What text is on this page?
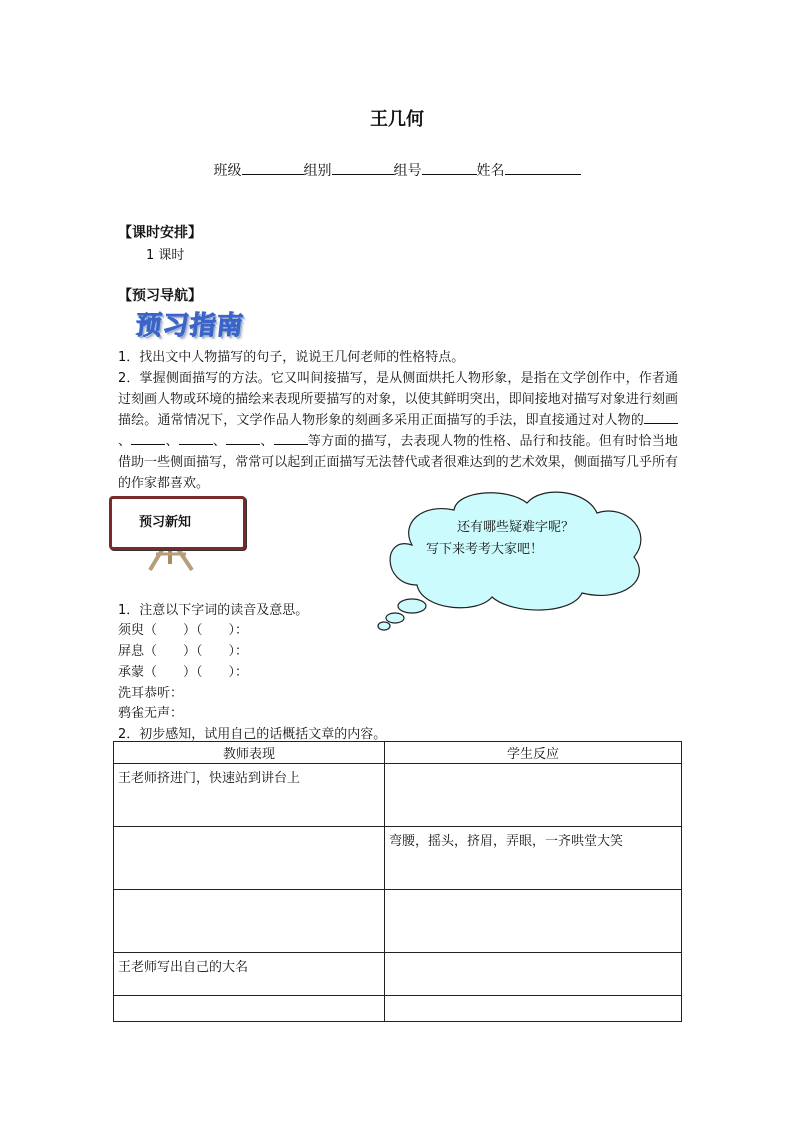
王几何
班级	组别	组号	姓名
【课时安排】
1 课时
【预习导航】
预习指南
1．找出文中人物描写的句子，说说王几何老师的性格特点。
2．掌握侧面描写的方法。它又叫间接描写，是从侧面烘托人物形象，是指在文学创作中，作者通过刻画人物或环境的描绘来表现所要描写的对象，以使其鲜明突出，即间接地对描写对象进行刻画描绘。通常情况下，文学作品人物形象的刻画多采用正面描写的手法，即直接通过对人物的、	、	、	、	等方面的描写，去表现人物的性格、品行和技能。但有时恰当地借助一些侧面描写，常常可以起到正面描写无法替代或者很难达到的艺术效果，侧面描写几乎所有的作家都喜欢。
预习新知	还有哪些疑难字呢？
写下来考考大家吧！
1．注意以下字词的读音及意思。
须臾（　　）（　　）：
屏息（　　）（　　）：
承蒙（　　）（　　）：
洗耳恭听：
鸦雀无声：
2．初步感知，试用自己的话概括文章的内容。
教师表现	学生反应
王老师挤进门，快速站到讲台上	
	弯腰，摇头，挤眉，弄眼，一齐哄堂大笑

王老师写出自己的大名	
